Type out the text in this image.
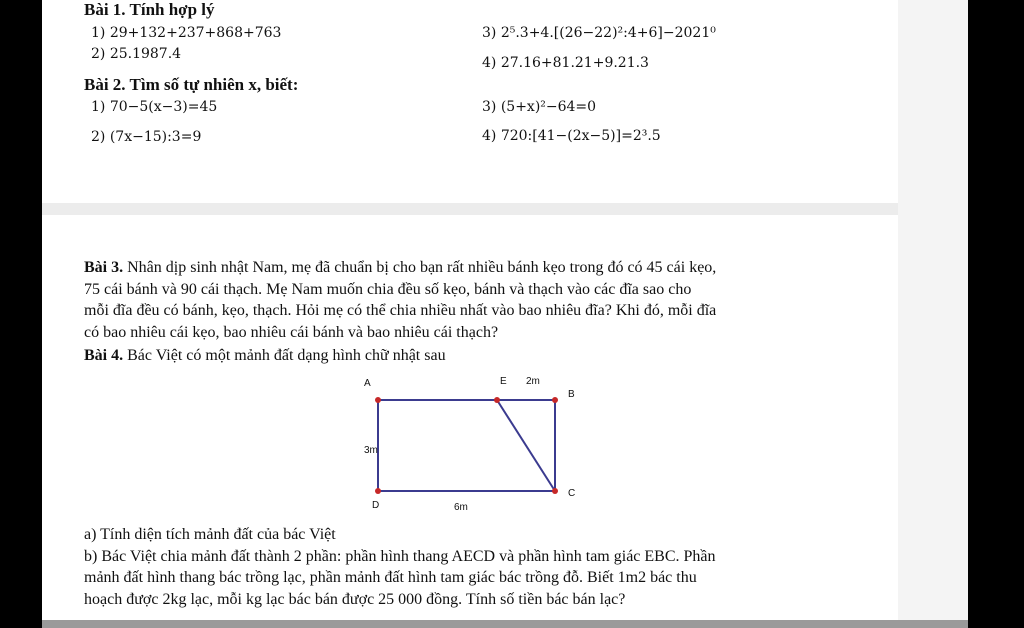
Bài 1. Tính hợp lý
1) 29+132+237+868+763
2) 25.1987.4
3) 2⁵.3+4.[(26−22)²:4+6]−2021⁰
4) 27.16+81.21+9.21.3
Bài 2. Tìm số tự nhiên x, biết:
1) 70−5(x−3)=45
2) (7x−15):3=9
3) (5+x)²−64=0
4) 720:[41−(2x−5)]=2³.5
Bài 3. Nhân dịp sinh nhật Nam, mẹ đã chuẩn bị cho bạn rất nhiều bánh kẹo trong đó có 45 cái kẹo,
75 cái bánh và 90 cái thạch. Mẹ Nam muốn chia đều số kẹo, bánh và thạch vào các đĩa sao cho
mỗi đĩa đều có bánh, kẹo, thạch. Hỏi mẹ có thể chia nhiều nhất vào bao nhiêu đĩa? Khi đó, mỗi đĩa
có bao nhiêu cái kẹo, bao nhiêu cái bánh và bao nhiêu cái thạch?
Bài 4. Bác Việt có một mảnh đất dạng hình chữ nhật sau
A	E 2m
B
3m
C
D	6m
a) Tính diện tích mảnh đất của bác Việt
b) Bác Việt chia mảnh đất thành 2 phần: phần hình thang AECD và phần hình tam giác EBC. Phần
mảnh đất hình thang bác trồng lạc, phần mảnh đất hình tam giác bác trồng đỗ. Biết 1m2 bác thu
hoạch được 2kg lạc, mỗi kg lạc bác bán được 25 000 đồng. Tính số tiền bác bán lạc?
